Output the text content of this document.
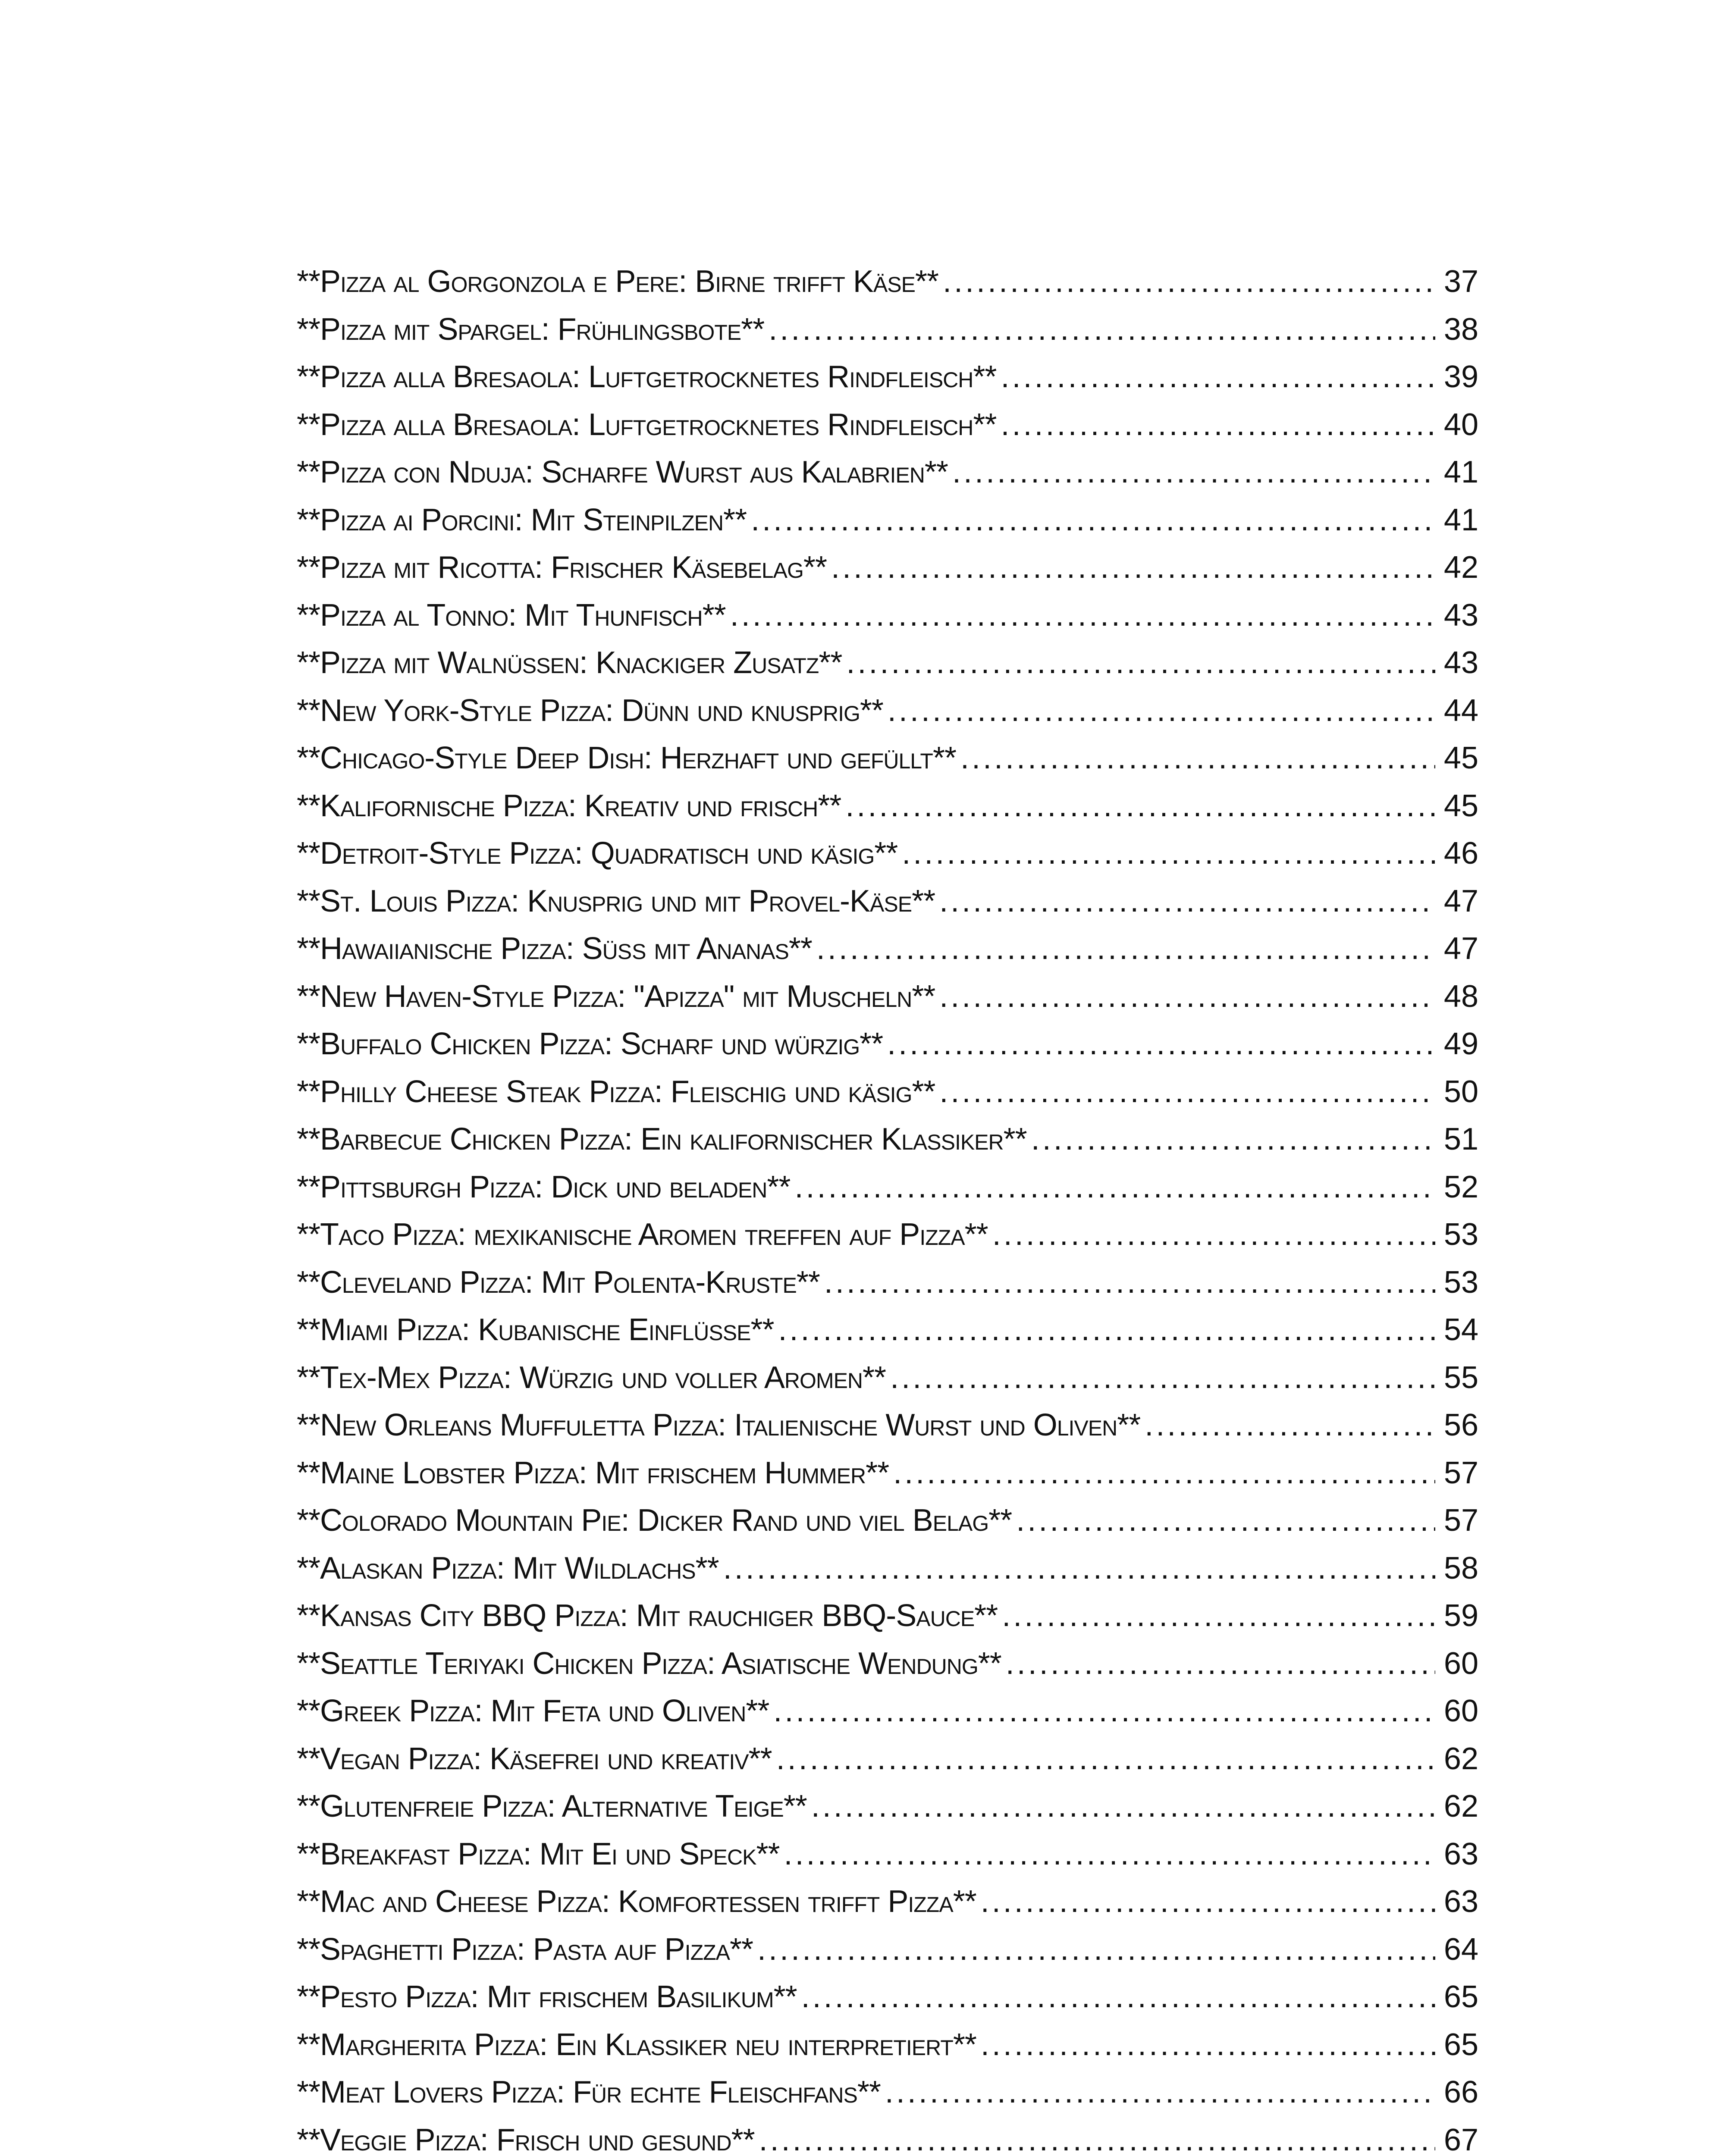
**Pizza al Gorgonzola e Pere: Birne trifft Käse** .....	37
**Pizza mit Spargel: Frühlingsbote** .....	38
**Pizza alla Bresaola: Luftgetrocknetes Rindfleisch** .....	39
**Pizza alla Bresaola: Luftgetrocknetes Rindfleisch** .....	40
**Pizza con Nduja: Scharfe Wurst aus Kalabrien** .....	41
**Pizza ai Porcini: Mit Steinpilzen** .....	41
**Pizza mit Ricotta: Frischer Käsebelag** .....	42
**Pizza al Tonno: Mit Thunfisch** .....	43
**Pizza mit Walnüssen: Knackiger Zusatz** .....	43
**New York-Style Pizza: Dünn und knusprig** .....	44
**Chicago-Style Deep Dish: Herzhaft und gefüllt** .....	45
**Kalifornische Pizza: Kreativ und frisch** .....	45
**Detroit-Style Pizza: Quadratisch und käsig** .....	46
**St. Louis Pizza: Knusprig und mit Provel-Käse** .....	47
**Hawaiianische Pizza: Süß mit Ananas** .....	47
**New Haven-Style Pizza: "Apizza" mit Muscheln** .....	48
**Buffalo Chicken Pizza: Scharf und würzig** .....	49
**Philly Cheese Steak Pizza: Fleischig und käsig** .....	50
**Barbecue Chicken Pizza: Ein kalifornischer Klassiker** .....	51
**Pittsburgh Pizza: Dick und beladen** .....	52
**Taco Pizza: mexikanische Aromen treffen auf Pizza** .....	53
**Cleveland Pizza: Mit Polenta-Kruste** .....	53
**Miami Pizza: Kubanische Einflüsse** .....	54
**Tex-Mex Pizza: Würzig und voller Aromen** .....	55
**New Orleans Muffuletta Pizza: Italienische Wurst und Oliven** .....	56
**Maine Lobster Pizza: Mit frischem Hummer** .....	57
**Colorado Mountain Pie: Dicker Rand und viel Belag** .....	57
**Alaskan Pizza: Mit Wildlachs** .....	58
**Kansas City BBQ Pizza: Mit rauchiger BBQ-Sauce** .....	59
**Seattle Teriyaki Chicken Pizza: Asiatische Wendung** .....	60
**Greek Pizza: Mit Feta und Oliven** .....	60
**Vegan Pizza: Käsefrei und kreativ** .....	62
**Glutenfreie Pizza: Alternative Teige** .....	62
**Breakfast Pizza: Mit Ei und Speck** .....	63
**Mac and Cheese Pizza: Komfortessen trifft Pizza** .....	63
**Spaghetti Pizza: Pasta auf Pizza** .....	64
**Pesto Pizza: Mit frischem Basilikum** .....	65
**Margherita Pizza: Ein Klassiker neu interpretiert** .....	65
**Meat Lovers Pizza: Für echte Fleischfans** .....	66
**Veggie Pizza: Frisch und gesund** .....	67
